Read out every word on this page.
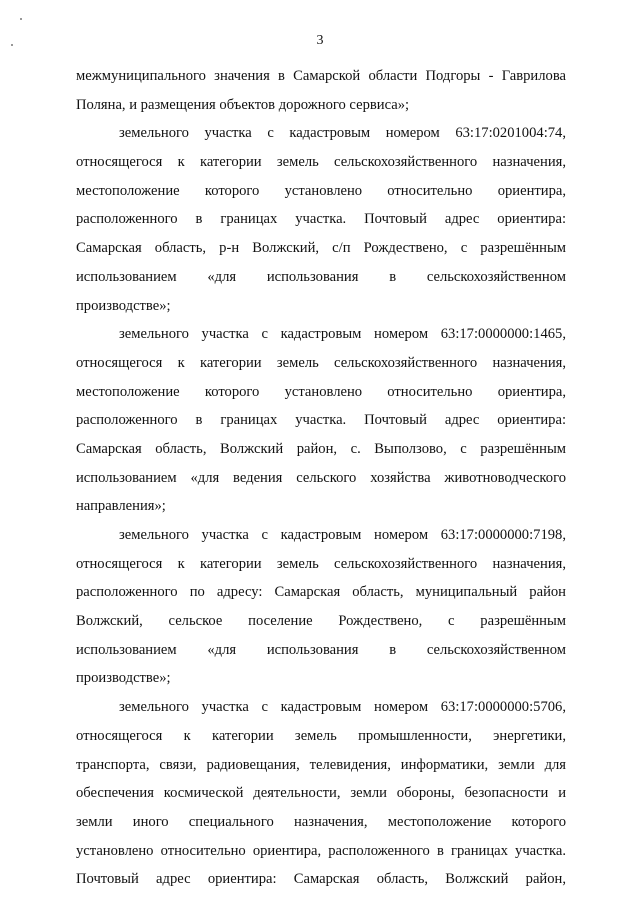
3
межмуниципального значения в Самарской области Подгоры - Гаврилова
Поляна, и размещения объектов дорожного сервиса»;
земельного участка с кадастровым номером 63:17:0201004:74,
относящегося к категории земель сельскохозяйственного назначения,
местоположение которого установлено относительно ориентира,
расположенного в границах участка. Почтовый адрес ориентира:
Самарская область, р-н Волжский, с/п Рождествено, с разрешённым
использованием «для использования в сельскохозяйственном
производстве»;
земельного участка с кадастровым номером 63:17:0000000:1465,
относящегося к категории земель сельскохозяйственного назначения,
местоположение которого установлено относительно ориентира,
расположенного в границах участка. Почтовый адрес ориентира:
Самарская область, Волжский район, с. Выползово, с разрешённым
использованием «для ведения сельского хозяйства животноводческого
направления»;
земельного участка с кадастровым номером 63:17:0000000:7198,
относящегося к категории земель сельскохозяйственного назначения,
расположенного по адресу: Самарская область, муниципальный район
Волжский, сельское поселение Рождествено, с разрешённым
использованием «для использования в сельскохозяйственном
производстве»;
земельного участка с кадастровым номером 63:17:0000000:5706,
относящегося к категории земель промышленности, энергетики,
транспорта, связи, радиовещания, телевидения, информатики, земли для
обеспечения космической деятельности, земли обороны, безопасности и
земли иного специального назначения, местоположение которого
установлено относительно ориентира, расположенного в границах участка.
Почтовый адрес ориентира: Самарская область, Волжский район,
